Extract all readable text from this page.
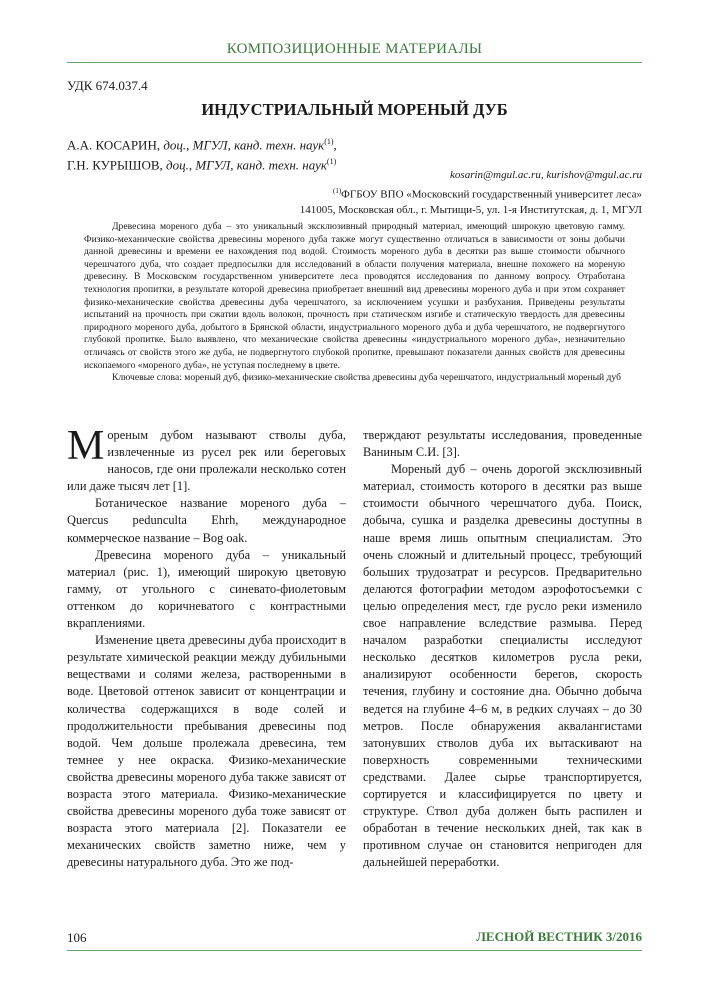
КОМПОЗИЦИОННЫЕ МАТЕРИАЛЫ
УДК 674.037.4
ИНДУСТРИАЛЬНЫЙ МОРЕНЫЙ ДУБ
А.А. КОСАРИН, доц., МГУЛ, канд. техн. наук$^{(1)}$,
Г.Н. КУРЫШОВ, доц., МГУЛ, канд. техн. наук$^{(1)}$
kosarin@mgul.ac.ru, kurishov@mgul.ac.ru
$^{(1)}$ФГБОУ ВПО «Московский государственный университет леса»
141005, Московская обл., г. Мытищи-5, ул. 1-я Институтская, д. 1, МГУЛ

Древесина мореного дуба – это уникальный эксклюзивный природный материал, имеющий широкую цветовую гамму. Физико-механические свойства древесины мореного дуба также могут существенно отличаться в зависимости от зоны добычи данной древесины и времени ее нахождения под водой. Стоимость мореного дуба в десятки раз выше стоимости обычного черешчатого дуба, что создает предпосылки для исследований в области получения материала, внешне похожего на мореную древесину. В Московском государственном университете леса проводятся исследования по данному вопросу. Отработана технология пропитки, в результате которой древесина приобретает внешний вид древесины мореного дуба и при этом сохраняет физико-механические свойства древесины дуба черешчатого, за исключением усушки и разбухания. Приведены результаты испытаний на прочность при сжатии вдоль волокон, прочность при статическом изгибе и статическую твердость для древесины природного мореного дуба, добытого в Брянской области, индустриального мореного дуба и дуба черешчатого, не подвергнутого глубокой пропитке. Было выявлено, что механические свойства древесины «индустриального мореного дуба», незначительно отличаясь от свойств этого же дуба, не подвергнутого глубокой пропитке, превышают показатели данных свойств для древесины ископаемого «мореного дуба», не уступая последнему в цвете.

Ключевые слова: мореный дуб, физико-механические свойства древесины дуба черешчатого, индустриальный мореный дуб

Мореным дубом называют стволы дуба, извлеченные из русел рек или береговых наносов, где они пролежали несколько сотен или даже тысяч лет [1].

Ботаническое название мореного дуба – Quercus pedunculta Ehrh, международное коммерческое название – Bog oak.

Древесина мореного дуба – уникальный материал (рис. 1), имеющий широкую цветовую гамму, от угольного с синевато-фиолетовым оттенком до коричневатого с контрастными вкраплениями.

Изменение цвета древесины дуба происходит в результате химической реакции между дубильными веществами и солями железа, растворенными в воде. Цветовой оттенок зависит от концентрации и количества содержащихся в воде солей и продолжительности пребывания древесины под водой. Чем дольше пролежала древесина, тем темнее у нее окраска. Физико-механические свойства древесины мореного дуба также зависят от возраста этого материала. Физико-механические свойства древесины мореного дуба тоже зависят от возраста этого материала [2]. Показатели ее механических свойств заметно ниже, чем у древесины натурального дуба. Это же под-

тверждают результаты исследования, проведенные Ваниным С.И. [3].

Мореный дуб – очень дорогой эксклюзивный материал, стоимость которого в десятки раз выше стоимости обычного черешчатого дуба. Поиск, добыча, сушка и разделка древесины доступны в наше время лишь опытным специалистам. Это очень сложный и длительный процесс, требующий больших трудозатрат и ресурсов. Предварительно делаются фотографии методом аэрофотосъемки с целью определения мест, где русло реки изменило свое направление вследствие размыва. Перед началом разработки специалисты исследуют несколько десятков километров русла реки, анализируют особенности берегов, скорость течения, глубину и состояние дна. Обычно добыча ведется на глубине 4–6 м, в редких случаях – до 30 метров. После обнаружения аквалангистами затонувших стволов дуба их вытаскивают на поверхность современными техническими средствами. Далее сырье транспортируется, сортируется и классифицируется по цвету и структуре. Ствол дуба должен быть распилен и обработан в течение нескольких дней, так как в противном случае он становится непригоден для дальнейшей переработки.

106	ЛЕСНОЙ ВЕСТНИК 3/2016
